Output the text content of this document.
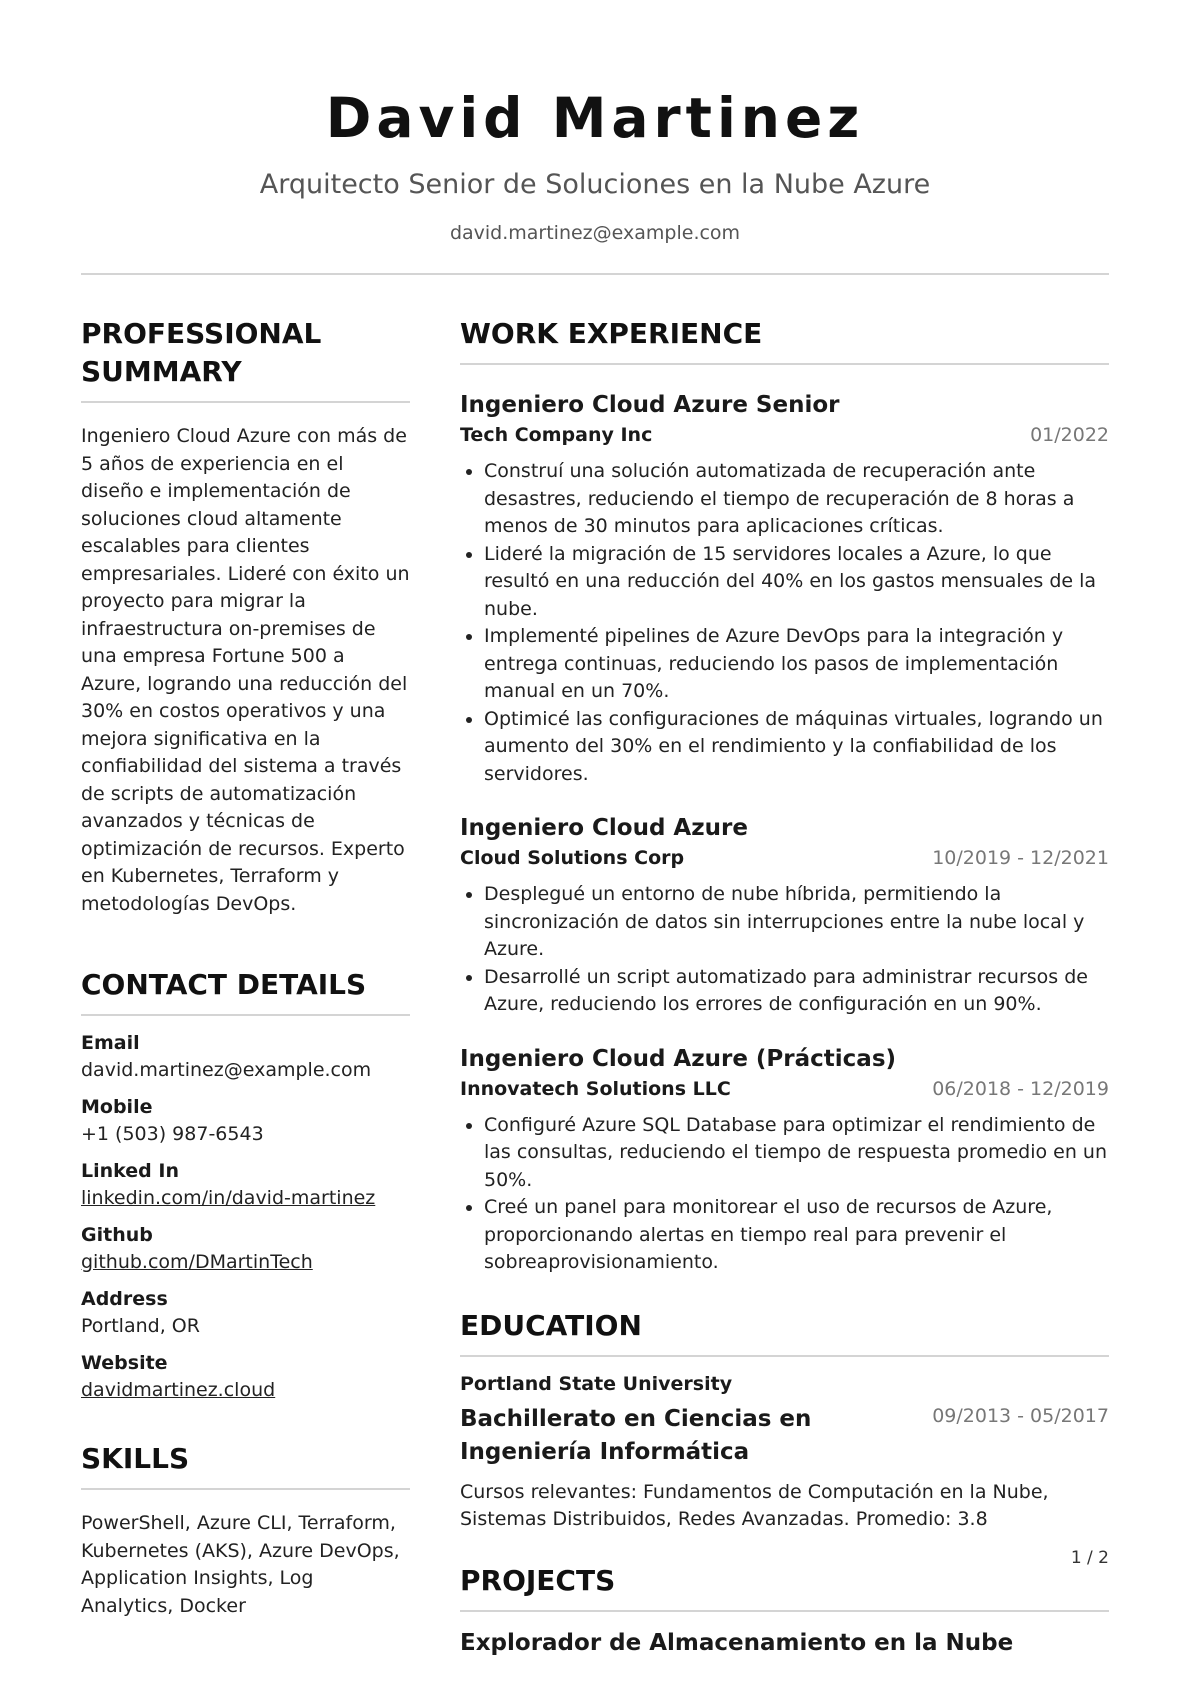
David Martinez
Arquitecto Senior de Soluciones en la Nube Azure
david.martinez@example.com
PROFESSIONAL SUMMARY
Ingeniero Cloud Azure con más de 5 años de experiencia en el diseño e implementación de soluciones cloud altamente escalables para clientes empresariales. Lideré con éxito un proyecto para migrar la infraestructura on-premises de una empresa Fortune 500 a Azure, logrando una reducción del 30% en costos operativos y una mejora significativa en la confiabilidad del sistema a través de scripts de automatización avanzados y técnicas de optimización de recursos. Experto en Kubernetes, Terraform y metodologías DevOps.
CONTACT DETAILS
Email
david.martinez@example.com
Mobile
+1 (503) 987-6543
Linked In
linkedin.com/in/david-martinez
Github
github.com/DMartinTech
Address
Portland, OR
Website
davidmartinez.cloud
SKILLS
PowerShell, Azure CLI, Terraform, Kubernetes (AKS), Azure DevOps, Application Insights, Log Analytics, Docker
WORK EXPERIENCE
Ingeniero Cloud Azure Senior
Tech Company Inc	01/2022
• Construí una solución automatizada de recuperación ante desastres, reduciendo el tiempo de recuperación de 8 horas a menos de 30 minutos para aplicaciones críticas.
• Lideré la migración de 15 servidores locales a Azure, lo que resultó en una reducción del 40% en los gastos mensuales de la nube.
• Implementé pipelines de Azure DevOps para la integración y entrega continuas, reduciendo los pasos de implementación manual en un 70%.
• Optimicé las configuraciones de máquinas virtuales, logrando un aumento del 30% en el rendimiento y la confiabilidad de los servidores.
Ingeniero Cloud Azure
Cloud Solutions Corp	10/2019 - 12/2021
• Desplegué un entorno de nube híbrida, permitiendo la sincronización de datos sin interrupciones entre la nube local y Azure.
• Desarrollé un script automatizado para administrar recursos de Azure, reduciendo los errores de configuración en un 90%.
Ingeniero Cloud Azure (Prácticas)
Innovatech Solutions LLC	06/2018 - 12/2019
• Configuré Azure SQL Database para optimizar el rendimiento de las consultas, reduciendo el tiempo de respuesta promedio en un 50%.
• Creé un panel para monitorear el uso de recursos de Azure, proporcionando alertas en tiempo real para prevenir el sobreaprovisionamiento.
EDUCATION
Portland State University
Bachillerato en Ciencias en Ingeniería Informática
09/2013 - 05/2017
Cursos relevantes: Fundamentos de Computación en la Nube, Sistemas Distribuidos, Redes Avanzadas. Promedio: 3.8
PROJECTS
Explorador de Almacenamiento en la Nube
1 / 2
